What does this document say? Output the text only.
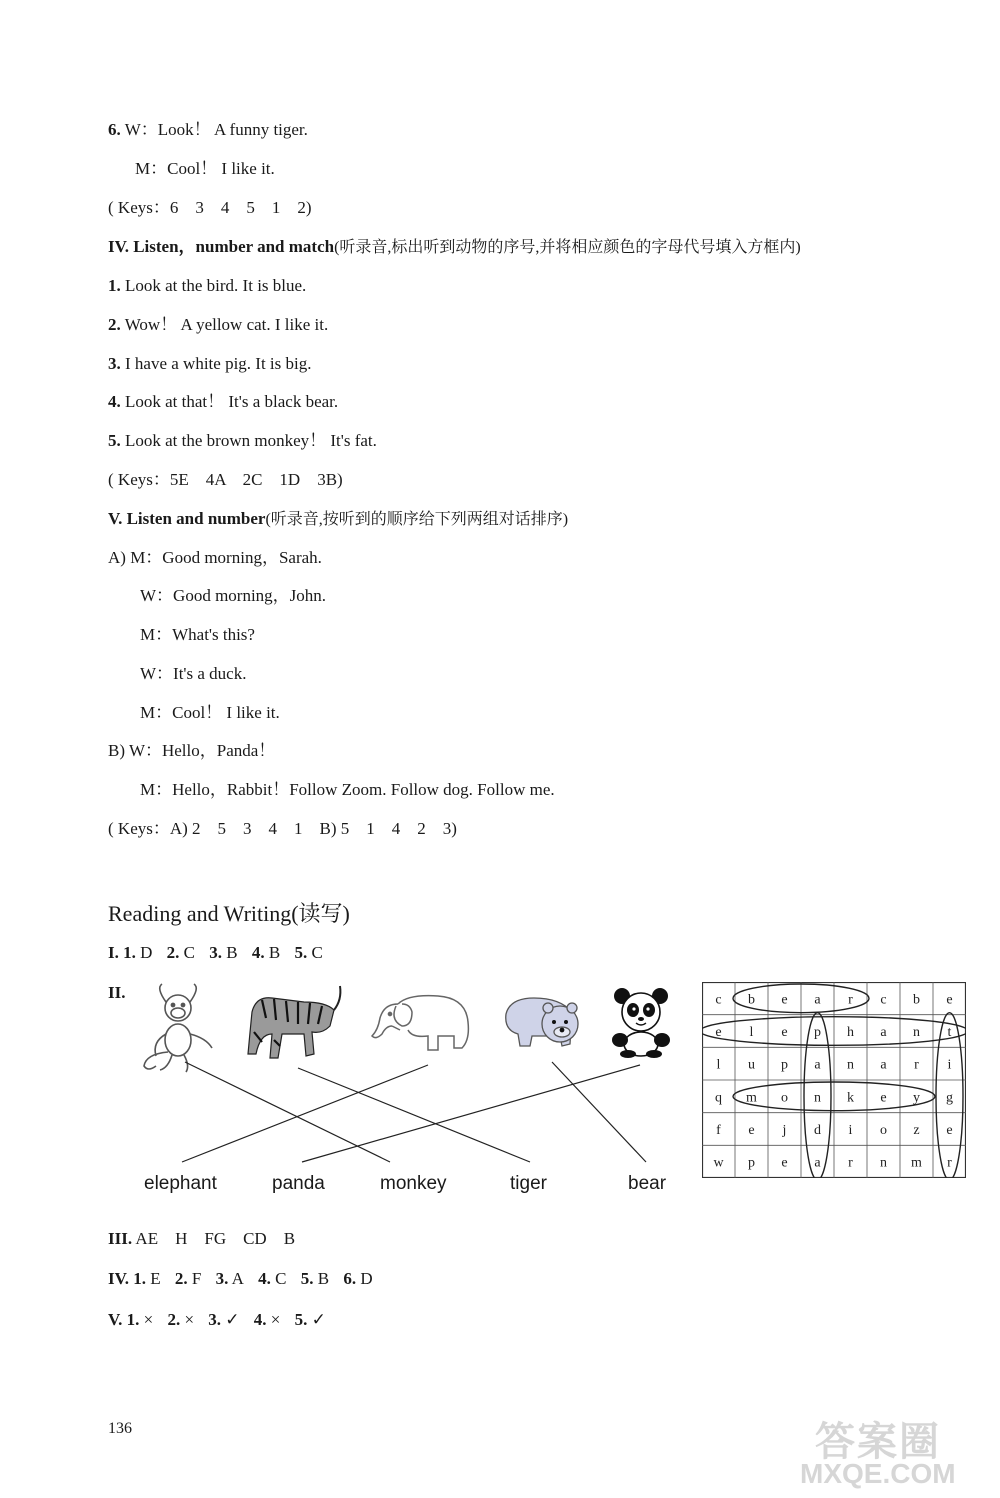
6. W：Look！ A funny tiger.
M：Cool！ I like it.
( Keys：6　3　4　5　1　2)
IV. Listen，number and match(听录音,标出听到动物的序号,并将相应颜色的字母代号填入方框内)
1. Look at the bird. It is blue.
2. Wow！ A yellow cat. I like it.
3. I have a white pig. It is big.
4. Look at that！ It's a black bear.
5. Look at the brown monkey！ It's fat.
( Keys：5E　4A　2C　1D　3B)
V. Listen and number(听录音,按听到的顺序给下列两组对话排序)
A) M：Good morning，Sarah.
W：Good morning，John.
M：What's this?
W：It's a duck.
M：Cool！ I like it.
B) W：Hello，Panda！
M：Hello，Rabbit！Follow Zoom. Follow dog. Follow me.
( Keys：A) 2　5　3　4　1　B) 5　1　4　2　3)
Reading and Writing(读写)
I. 1. D 2. C 3. B 4. B 5. C
II.
elephant	panda	monkey	tiger	bear
c b e a r c b e
e l e p h a n t
l u p a n a r i
q m o n k e y g
f e j d i o z e
w p e a r n m r
III. AE　H　FG　CD　B
IV. 1. E 2. F 3. A 4. C 5. B 6. D
V. 1. × 2. × 3. ✓ 4. × 5. ✓
136	答案圈
MXQE.COM
